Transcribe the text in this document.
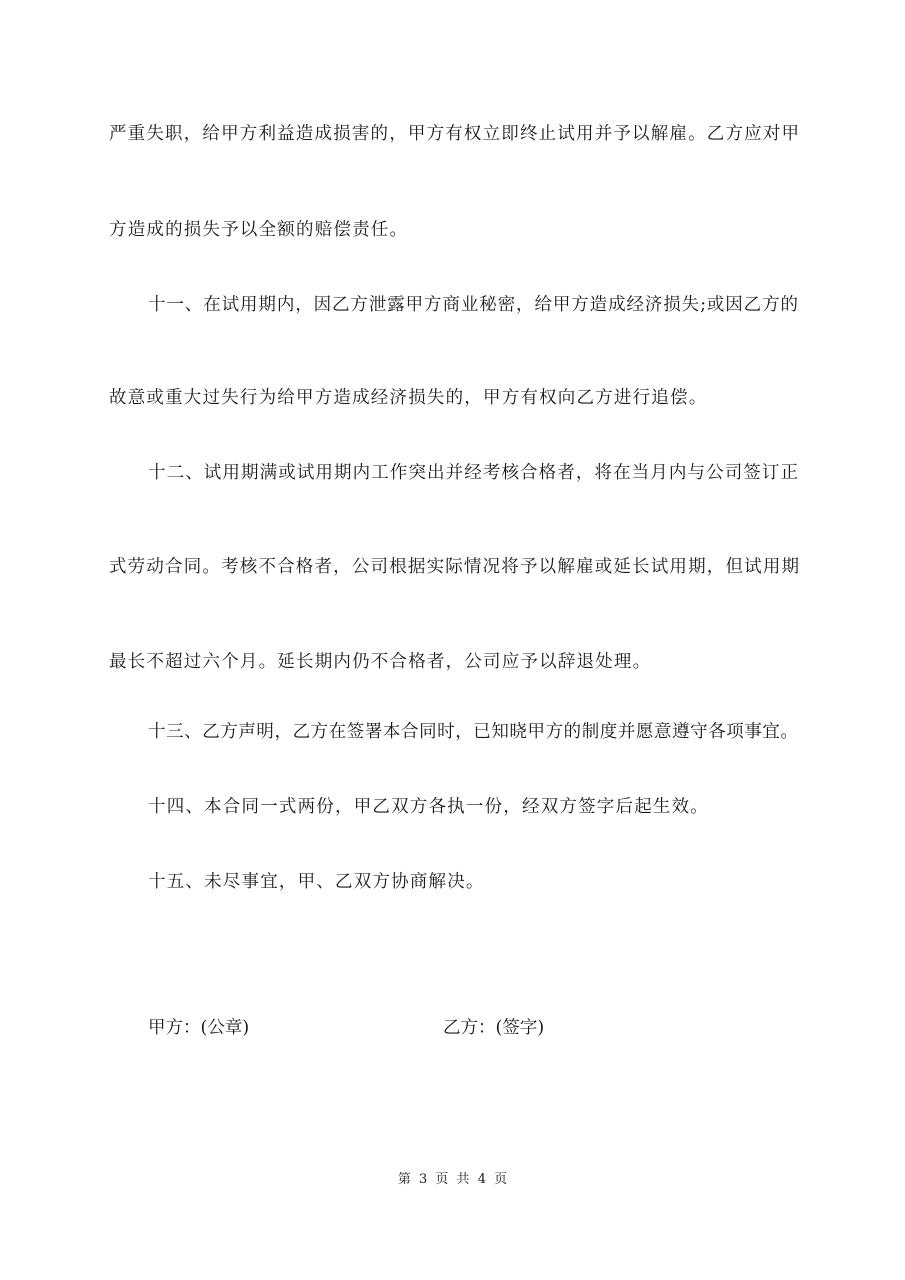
严重失职，给甲方利益造成损害的，甲方有权立即终止试用并予以解雇。乙方应对甲
方造成的损失予以全额的赔偿责任。
十一、在试用期内，因乙方泄露甲方商业秘密，给甲方造成经济损失;或因乙方的
故意或重大过失行为给甲方造成经济损失的，甲方有权向乙方进行追偿。
十二、试用期满或试用期内工作突出并经考核合格者，将在当月内与公司签订正
式劳动合同。考核不合格者，公司根据实际情况将予以解雇或延长试用期，但试用期
最长不超过六个月。延长期内仍不合格者，公司应予以辞退处理。
十三、乙方声明，乙方在签署本合同时，已知晓甲方的制度并愿意遵守各项事宜。
十四、本合同一式两份，甲乙双方各执一份，经双方签字后起生效。
十五、未尽事宜，甲、乙双方协商解决。
甲方：(公章)	乙方：(签字)
第 3 页 共 4 页
